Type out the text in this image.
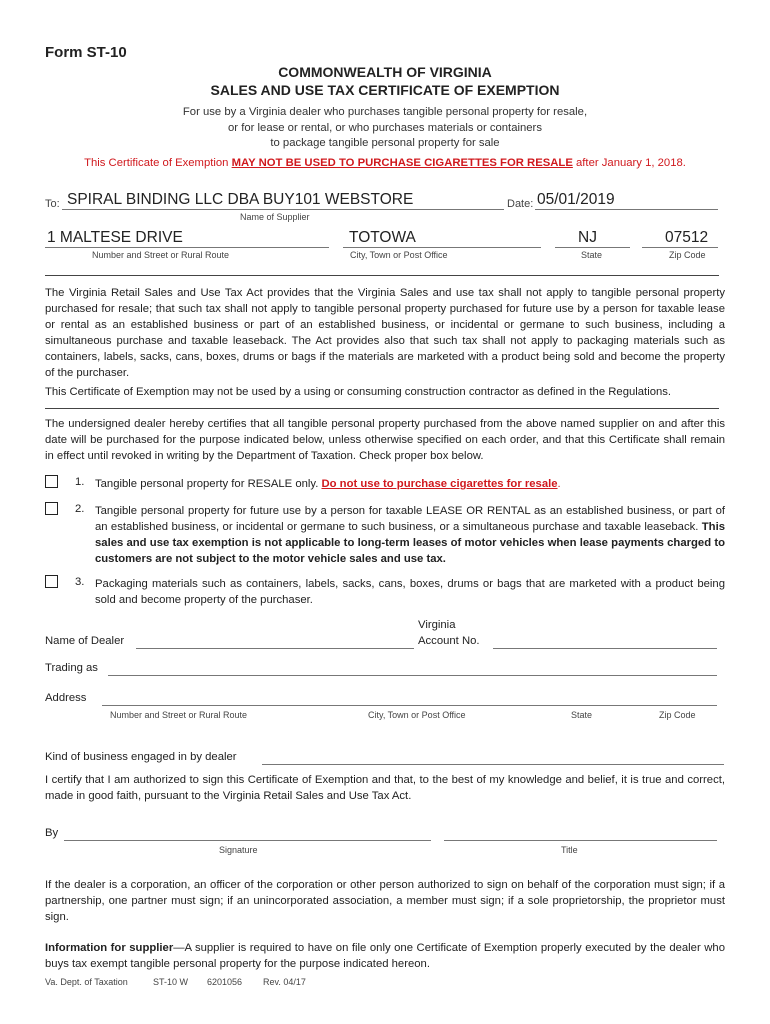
Form ST-10
COMMONWEALTH OF VIRGINIA
SALES AND USE TAX CERTIFICATE OF EXEMPTION
For use by a Virginia dealer who purchases tangible personal property for resale,
or for lease or rental, or who purchases materials or containers
to package tangible personal property for sale
This Certificate of Exemption MAY NOT BE USED TO PURCHASE CIGARETTES FOR RESALE after January 1, 2018.
To: SPIRAL BINDING LLC DBA BUY101 WEBSTORE
Name of Supplier
Date: 05/01/2019
1 MALTESE DRIVE
Number and Street or Rural Route
TOTOWA
City, Town or Post Office
NJ
State
07512
Zip Code
The Virginia Retail Sales and Use Tax Act provides that the Virginia Sales and use tax shall not apply to tangible personal property purchased for resale; that such tax shall not apply to tangible personal property purchased for future use by a person for taxable lease or rental as an established business or part of an established business, or incidental or germane to such business, including a simultaneous purchase and taxable leaseback. The Act provides also that such tax shall not apply to packaging materials such as containers, labels, sacks, cans, boxes, drums or bags if the materials are marketed with a product being sold and become the property of the purchaser.
This Certificate of Exemption may not be used by a using or consuming construction contractor as defined in the Regulations.
The undersigned dealer hereby certifies that all tangible personal property purchased from the above named supplier on and after this date will be purchased for the purpose indicated below, unless otherwise specified on each order, and that this Certificate shall remain in effect until revoked in writing by the Department of Taxation. Check proper box below.
1. Tangible personal property for RESALE only. Do not use to purchase cigarettes for resale.
2. Tangible personal property for future use by a person for taxable LEASE OR RENTAL as an established business, or part of an established business, or incidental or germane to such business, or a simultaneous purchase and taxable leaseback. This sales and use tax exemption is not applicable to long-term leases of motor vehicles when lease payments charged to customers are not subject to the motor vehicle sales and use tax.
3. Packaging materials such as containers, labels, sacks, cans, boxes, drums or bags that are marketed with a product being sold and become property of the purchaser.
Virginia
Name of Dealer	Account No.
Trading as
Address
Number and Street or Rural Route	City, Town or Post Office	State	Zip Code
Kind of business engaged in by dealer
I certify that I am authorized to sign this Certificate of Exemption and that, to the best of my knowledge and belief, it is true and correct, made in good faith, pursuant to the Virginia Retail Sales and Use Tax Act.
By
Signature	Title
If the dealer is a corporation, an officer of the corporation or other person authorized to sign on behalf of the corporation must sign; if a partnership, one partner must sign; if an unincorporated association, a member must sign; if a sole proprietorship, the proprietor must sign.
Information for supplier—A supplier is required to have on file only one Certificate of Exemption properly executed by the dealer who buys tax exempt tangible personal property for the purpose indicated hereon.
Va. Dept. of Taxation	ST-10 W 6201056 Rev. 04/17
